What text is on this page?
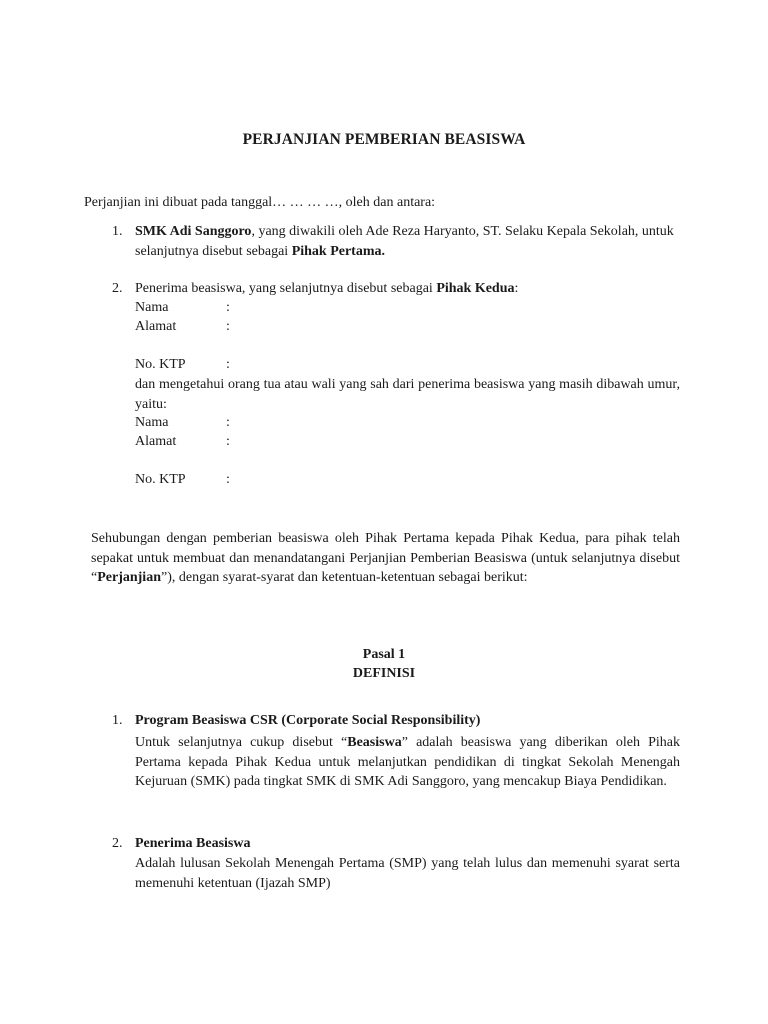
PERJANJIAN PEMBERIAN BEASISWA
Perjanjian ini dibuat pada tanggal… … … …, oleh dan antara:
1. SMK Adi Sanggoro, yang diwakili oleh Ade Reza Haryanto, ST. Selaku Kepala Sekolah, untuk selanjutnya disebut sebagai Pihak Pertama.
2. Penerima beasiswa, yang selanjutnya disebut sebagai Pihak Kedua:
Nama	:
Alamat	:
No. KTP	:
dan mengetahui orang tua atau wali yang sah dari penerima beasiswa yang masih dibawah umur, yaitu:
Nama	:
Alamat	:
No. KTP	:
Sehubungan dengan pemberian beasiswa oleh Pihak Pertama kepada Pihak Kedua, para pihak telah sepakat untuk membuat dan menandatangani Perjanjian Pemberian Beasiswa (untuk selanjutnya disebut “Perjanjian”), dengan syarat-syarat dan ketentuan-ketentuan sebagai berikut:
Pasal 1
DEFINISI
1. Program Beasiswa CSR (Corporate Social Responsibility)
Untuk selanjutnya cukup disebut “Beasiswa” adalah beasiswa yang diberikan oleh Pihak Pertama kepada Pihak Kedua untuk melanjutkan pendidikan di tingkat Sekolah Menengah Kejuruan (SMK) pada tingkat SMK di SMK Adi Sanggoro, yang mencakup Biaya Pendidikan.
2. Penerima Beasiswa
Adalah lulusan Sekolah Menengah Pertama (SMP) yang telah lulus dan memenuhi syarat serta memenuhi ketentuan (Ijazah SMP)
